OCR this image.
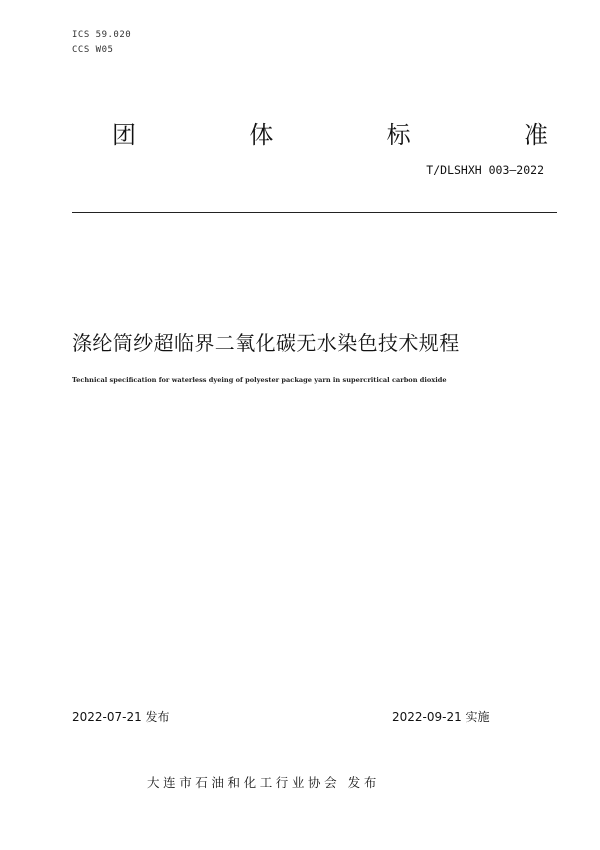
ICS 59.020
CCS W05
团	体	标	准
T/DLSHXH 003—2022
涤纶筒纱超临界二氧化碳无水染色技术规程
Technical specification for waterless dyeing of polyester package yarn in supercritical carbon dioxide
2022-07-21 发布	2022-09-21 实施
大连市石油和化工行业协会 发布
